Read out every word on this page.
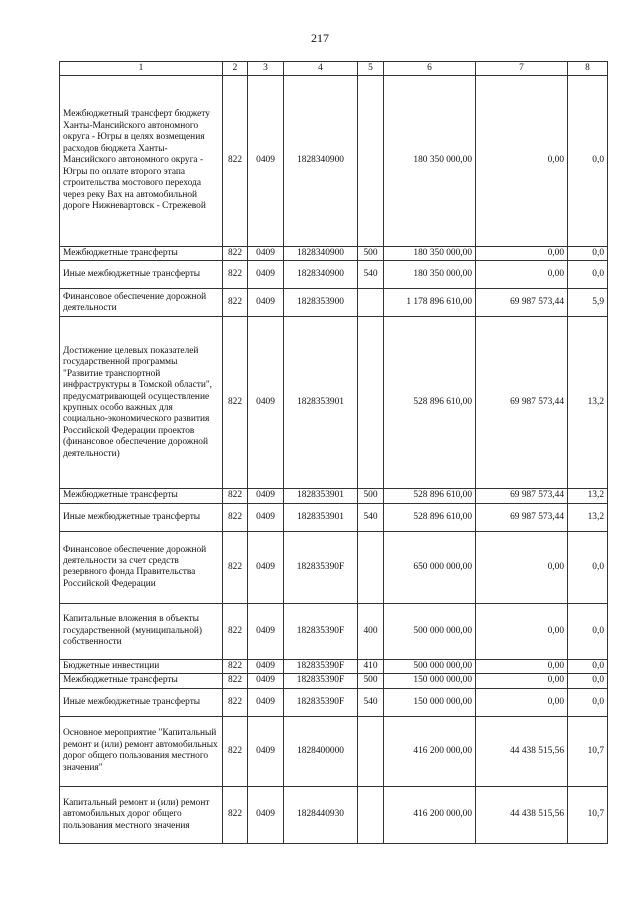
217
1	2	3	4	5	6	7	8
Межбюджетный трансферт бюджету Ханты-Мансийского автономного округа - Югры в целях возмещения расходов бюджета Ханты-Мансийского автономного округа - Югры по оплате второго этапа строительства мостового перехода через реку Вах на автомобильной дороге Нижневартовск - Стрежевой	822	0409	1828340900		180 350 000,00	0,00	0,0
Межбюджетные трансферты	822	0409	1828340900	500	180 350 000,00	0,00	0,0
Иные межбюджетные трансферты	822	0409	1828340900	540	180 350 000,00	0,00	0,0
Финансовое обеспечение дорожной деятельности	822	0409	1828353900		1 178 896 610,00	69 987 573,44	5,9
Достижение целевых показателей государственной программы "Развитие транспортной инфраструктуры в Томской области", предусматривающей осуществление крупных особо важных для социально-экономического развития Российской Федерации проектов (финансовое обеспечение дорожной деятельности)	822	0409	1828353901		528 896 610,00	69 987 573,44	13,2
Межбюджетные трансферты	822	0409	1828353901	500	528 896 610,00	69 987 573,44	13,2
Иные межбюджетные трансферты	822	0409	1828353901	540	528 896 610,00	69 987 573,44	13,2
Финансовое обеспечение дорожной деятельности за счет средств резервного фонда Правительства Российской Федерации	822	0409	182835390F		650 000 000,00	0,00	0,0
Капитальные вложения в объекты государственной (муниципальной) собственности	822	0409	182835390F	400	500 000 000,00	0,00	0,0
Бюджетные инвестиции	822	0409	182835390F	410	500 000 000,00	0,00	0,0
Межбюджетные трансферты	822	0409	182835390F	500	150 000 000,00	0,00	0,0
Иные межбюджетные трансферты	822	0409	182835390F	540	150 000 000,00	0,00	0,0
Основное мероприятие "Капитальный ремонт и (или) ремонт автомобильных дорог общего пользования местного значения"	822	0409	1828400000		416 200 000,00	44 438 515,56	10,7
Капитальный ремонт и (или) ремонт автомобильных дорог общего пользования местного значения	822	0409	1828440930		416 200 000,00	44 438 515,56	10,7
